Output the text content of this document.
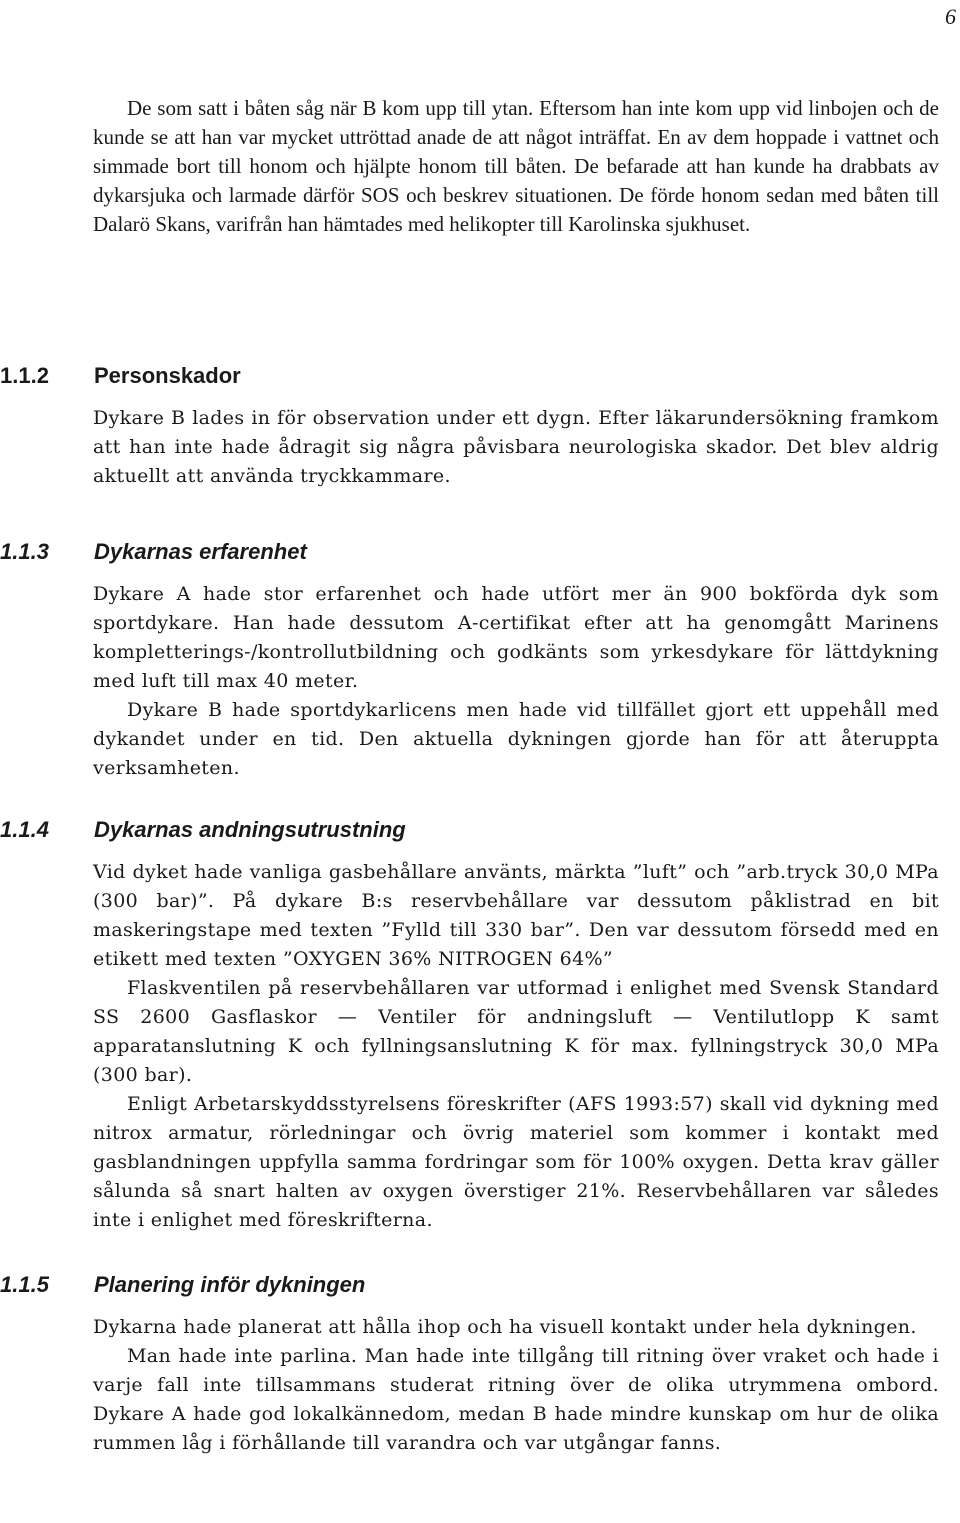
6

De som satt i båten såg när B kom upp till ytan. Eftersom han inte kom upp vid linbojen och de kunde se att han var mycket uttröttad anade de att något inträffat. En av dem hoppade i vattnet och simmade bort till honom och hjälpte honom till båten. De befarade att han kunde ha drabbats av dykarsjuka och larmade därför SOS och beskrev situationen. De förde honom sedan med båten till Dalarö Skans, varifrån han hämtades med helikopter till Karolinska sjukhuset.

1.1.2 Personskador

Dykare B lades in för observation under ett dygn. Efter läkarundersökning framkom att han inte hade ådragit sig några påvisbara neurologiska skador. Det blev aldrig aktuellt att använda tryckkammare.

1.1.3 Dykarnas erfarenhet

Dykare A hade stor erfarenhet och hade utfört mer än 900 bokförda dyk som sportdykare. Han hade dessutom A-certifikat efter att ha genomgått Marinens kompletterings-/kontrollutbildning och godkänts som yrkesdykare för lättdykning med luft till max 40 meter.

Dykare B hade sportdykarlicens men hade vid tillfället gjort ett uppehåll med dykandet under en tid. Den aktuella dykningen gjorde han för att återuppta verksamheten.

1.1.4 Dykarnas andningsutrustning

Vid dyket hade vanliga gasbehållare använts, märkta ”luft” och ”arb.tryck 30,0 MPa (300 bar)”. På dykare B:s reservbehållare var dessutom påklistrad en bit maskeringstape med texten ”Fylld till 330 bar”. Den var dessutom försedd med en etikett med texten ”OXYGEN 36% NITROGEN 64%”

Flaskventilen på reservbehållaren var utformad i enlighet med Svensk Standard SS 2600 Gasflaskor — Ventiler för andningsluft — Ventilutlopp K samt apparatanslutning K och fyllningsanslutning K för max. fyllningstryck 30,0 MPa (300 bar).

Enligt Arbetarskyddsstyrelsens föreskrifter (AFS 1993:57) skall vid dykning med nitrox armatur, rörledningar och övrig materiel som kommer i kontakt med gasblandningen uppfylla samma fordringar som för 100% oxygen. Detta krav gäller sålunda så snart halten av oxygen överstiger 21%. Reservbehållaren var således inte i enlighet med föreskrifterna.

1.1.5 Planering inför dykningen

Dykarna hade planerat att hålla ihop och ha visuell kontakt under hela dykningen.

Man hade inte parlina. Man hade inte tillgång till ritning över vraket och hade i varje fall inte tillsammans studerat ritning över de olika utrymmena ombord. Dykare A hade god lokalkännedom, medan B hade mindre kunskap om hur de olika rummen låg i förhållande till varandra och var utgångar fanns.
